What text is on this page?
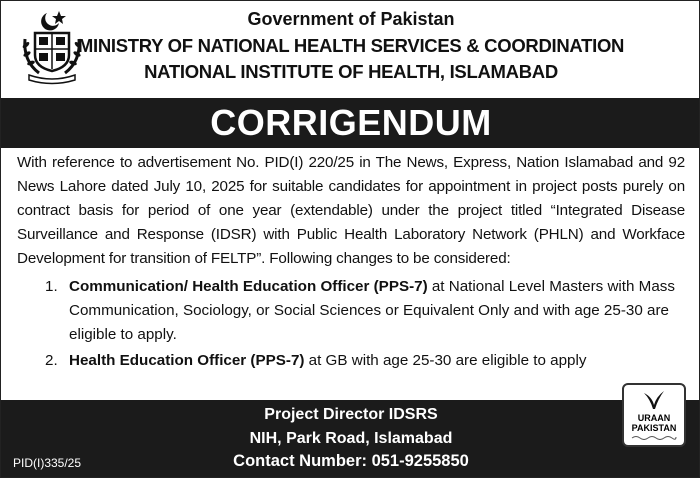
Government of Pakistan
MINISTRY OF NATIONAL HEALTH SERVICES & COORDINATION
NATIONAL INSTITUTE OF HEALTH, ISLAMABAD
CORRIGENDUM

With reference to advertisement No. PID(I) 220/25 in The News, Express, Nation Islamabad and 92 News Lahore dated July 10, 2025 for suitable candidates for appointment in project posts purely on contract basis for period of one year (extendable) under the project titled “Integrated Disease Surveillance and Response (IDSR) with Public Health Laboratory Network (PHLN) and Workface Development for transition of FELTP”. Following changes to be considered:

1. Communication/ Health Education Officer (PPS-7) at National Level Masters with Mass Communication, Sociology, or Social Sciences or Equivalent Only and with age 25-30 are eligible to apply.
2. Health Education Officer (PPS-7) at GB with age 25-30 are eligible to apply
Project Director IDSRS
NIH, Park Road, Islamabad
Contact Number: 051-9255850
PID(I)335/25
URAAN
PAKISTAN
